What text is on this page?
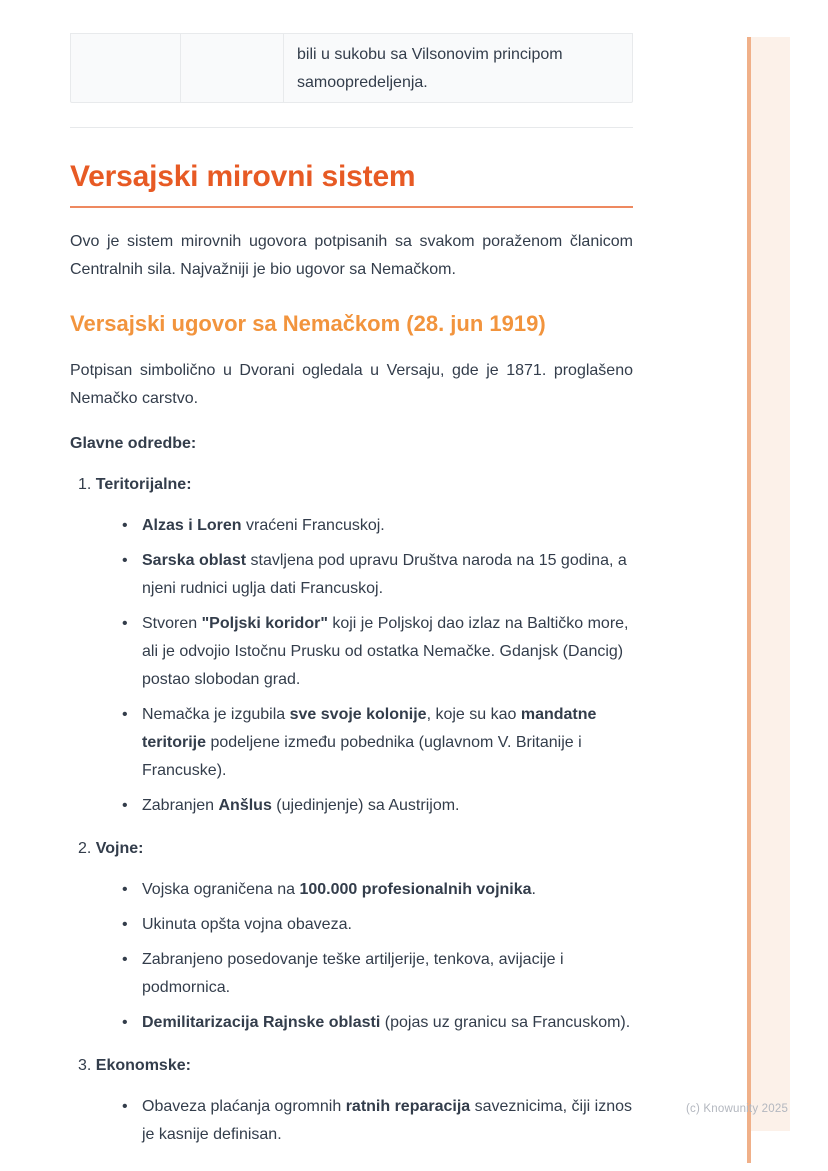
bili u sukobu sa Vilsonovim principom samoopredeljenja.
Versajski mirovni sistem

Ovo je sistem mirovnih ugovora potpisanih sa svakom poraženom članicom Centralnih sila. Najvažniji je bio ugovor sa Nemačkom.

Versajski ugovor sa Nemačkom (28. jun 1919)

Potpisan simbolično u Dvorani ogledala u Versaju, gde je 1871. proglašeno Nemačko carstvo.

Glavne odredbe:

1. Teritorijalne:
• Alzas i Loren vraćeni Francuskoj.
• Sarska oblast stavljena pod upravu Društva naroda na 15 godina, a njeni rudnici uglja dati Francuskoj.
• Stvoren "Poljski koridor" koji je Poljskoj dao izlaz na Baltičko more, ali je odvojio Istočnu Prusku od ostatka Nemačke. Gdanjsk (Dancig) postao slobodan grad.
• Nemačka je izgubila sve svoje kolonije, koje su kao mandatne teritorije podeljene između pobednika (uglavnom V. Britanije i Francuske).
• Zabranjen Anšlus (ujedinjenje) sa Austrijom.
2. Vojne:
• Vojska ograničena na 100.000 profesionalnih vojnika.
• Ukinuta opšta vojna obaveza.
• Zabranjeno posedovanje teške artiljerije, tenkova, avijacije i podmornica.
• Demilitarizacija Rajnske oblasti (pojas uz granicu sa Francuskom).
3. Ekonomske:
• Obaveza plaćanja ogromnih ratnih reparacija saveznicima, čiji iznos je kasnije definisan.
(c) Knowunity 2025
